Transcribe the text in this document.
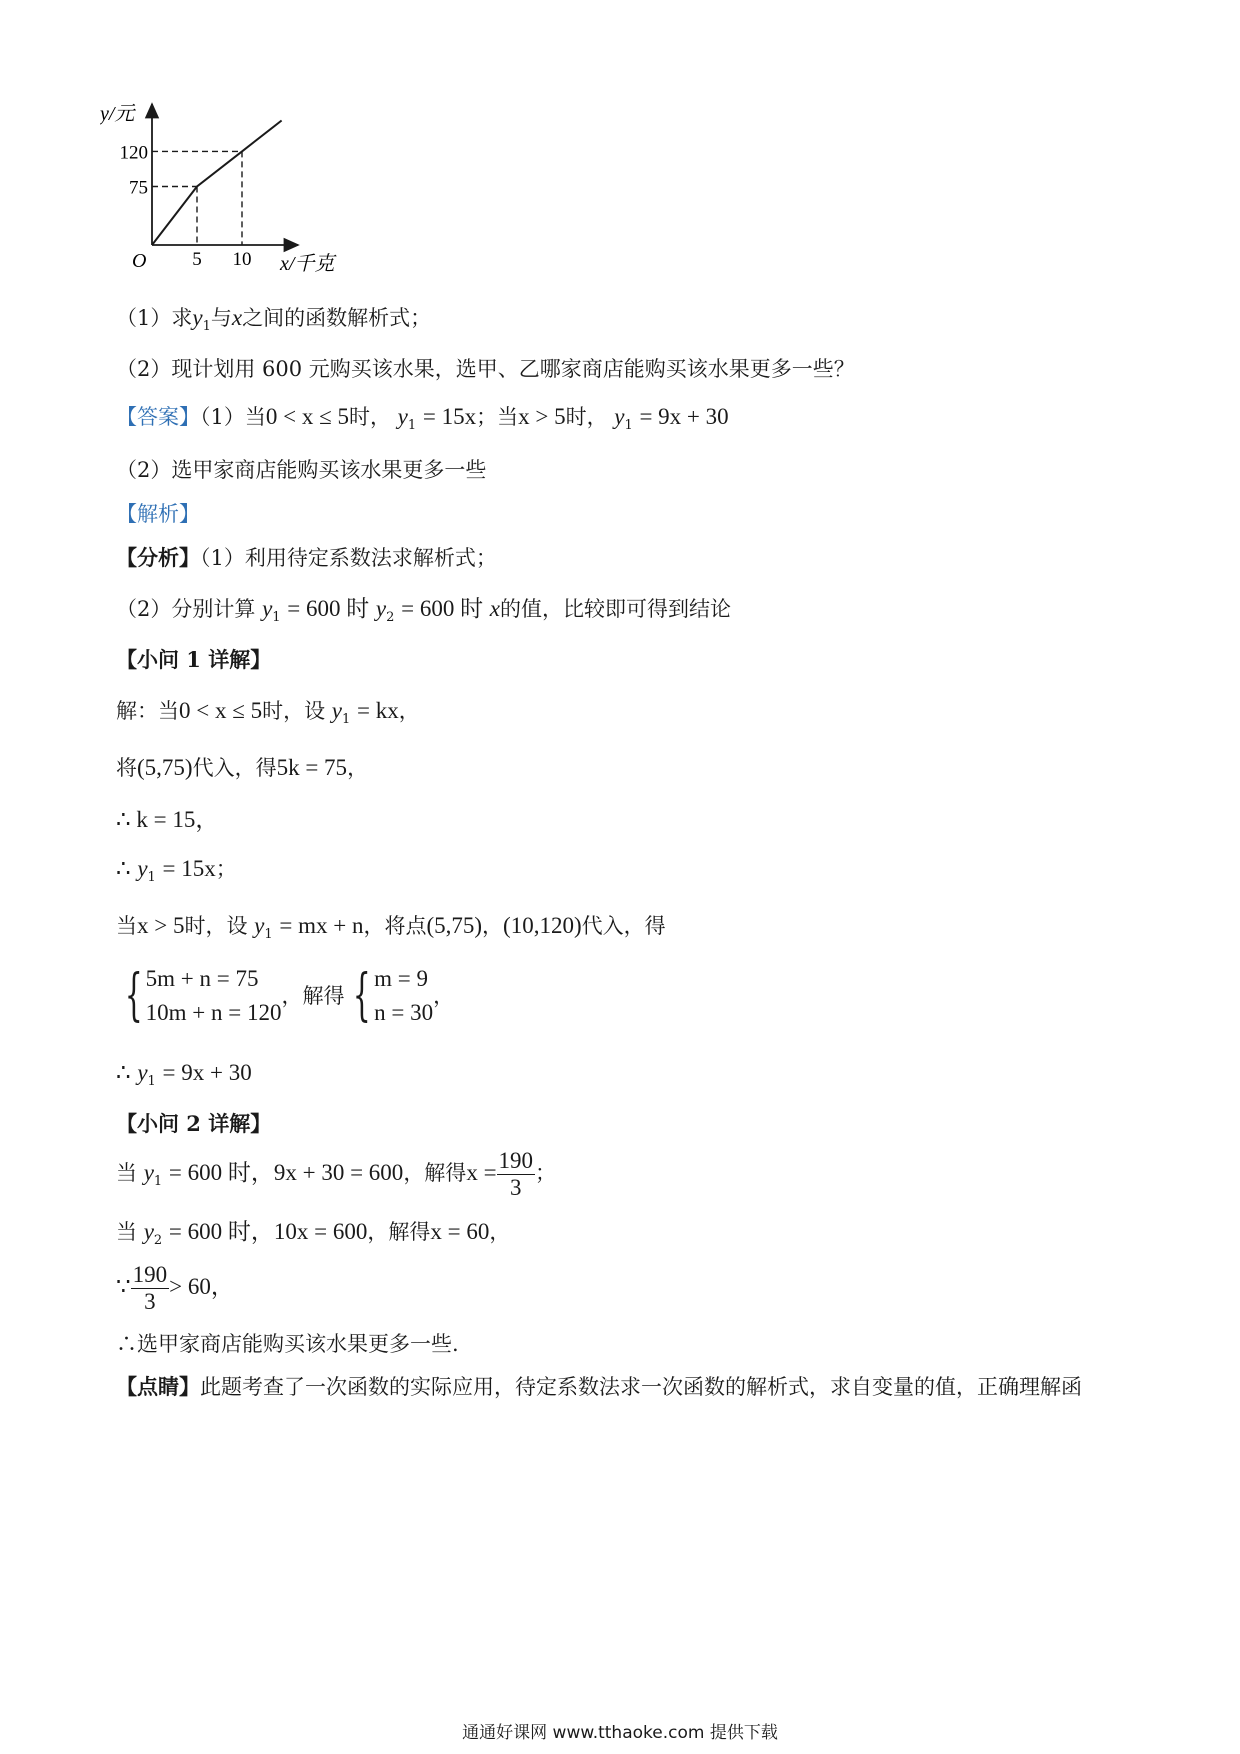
y/元
x/千克
O 5 10
75
120
（1）求$y_1$与x之间的函数解析式；
（2）现计划用 600 元购买该水果，选甲、乙哪家商店能购买该水果更多一些？
【答案】（1）当0 < x ≤ 5时， $y_1 = 15x$；当x > 5时， $y_1 = 9x + 30$
（2）选甲家商店能购买该水果更多一些
【解析】
【分析】（1）利用待定系数法求解析式；
（2）分别计算 $y_1 = 600$ 时 $y_2 = 600$ 时 x的值，比较即可得到结论
【小问 1 详解】
解：当0 < x ≤ 5时，设 $y_1$ = kx，
将(5,75)代入，得5k = 75，
∴ k = 15，
∴ $y_1 = 15x$；
当x > 5时，设 $y_1$ = mx + n，将点(5,75)，(10,120)代入，得
{ 5m + n = 75
10m + n = 120
，解得 { m = 9
n = 30
，
∴ $y_1 = 9x + 30$
【小问 2 详解】
当 $y_1 = 600$ 时，9x + 30 = 600，解得$x = \frac{190}{3}$ ；
当 $y_2 = 600$ 时，10x = 600，解得x = 60，
∵ $\frac{190}{3} > 60$，
∴选甲家商店能购买该水果更多一些.
【点睛】此题考查了一次函数的实际应用，待定系数法求一次函数的解析式，求自变量的值，正确理解函
通通好课网 www.tthaoke.com 提供下载
